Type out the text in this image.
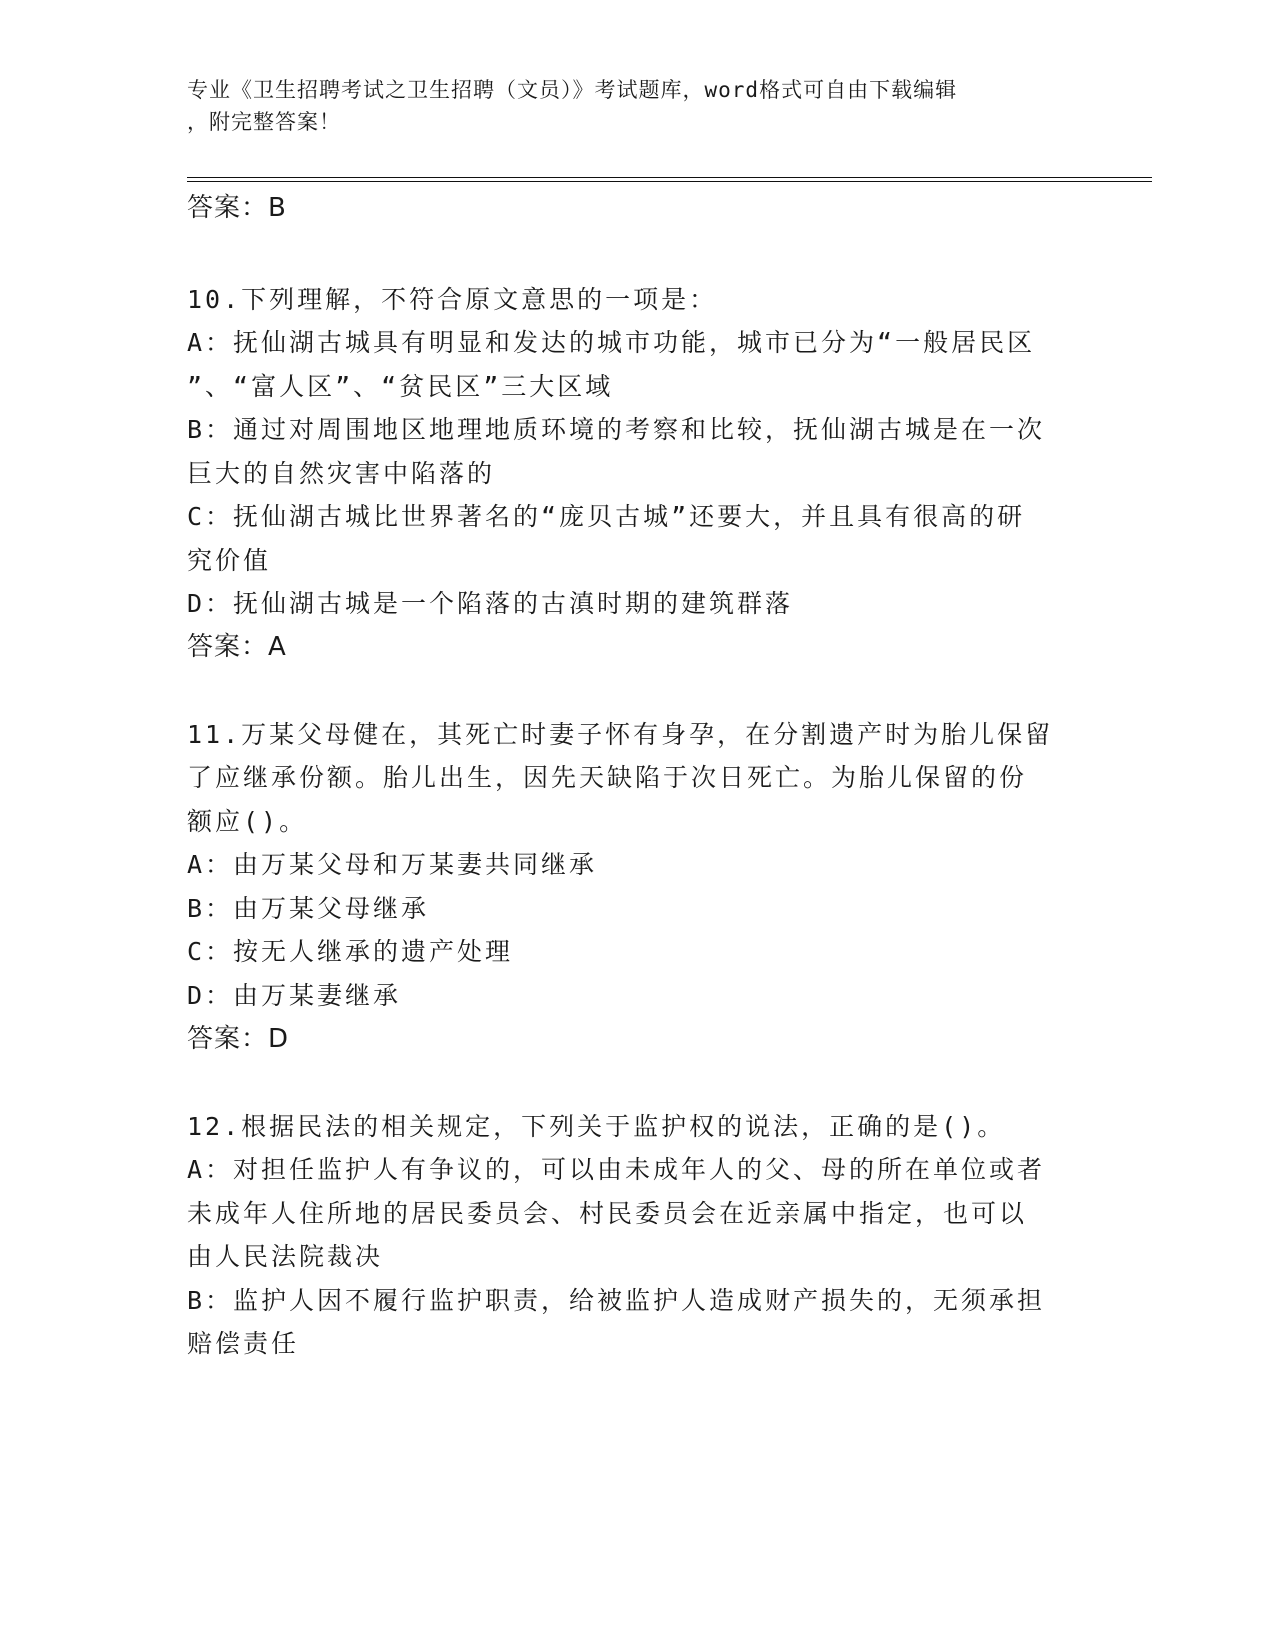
专业《卫生招聘考试之卫生招聘（文员）》考试题库，word格式可自由下载编辑
，附完整答案！
答案：B
10.下列理解，不符合原文意思的一项是：
A：抚仙湖古城具有明显和发达的城市功能，城市已分为“一般居民区
”、“富人区”、“贫民区”三大区域
B：通过对周围地区地理地质环境的考察和比较，抚仙湖古城是在一次
巨大的自然灾害中陷落的
C：抚仙湖古城比世界著名的“庞贝古城”还要大，并且具有很高的研
究价值
D：抚仙湖古城是一个陷落的古滇时期的建筑群落
答案：A
11.万某父母健在，其死亡时妻子怀有身孕，在分割遗产时为胎儿保留
了应继承份额。胎儿出生，因先天缺陷于次日死亡。为胎儿保留的份
额应()。
A：由万某父母和万某妻共同继承
B：由万某父母继承
C：按无人继承的遗产处理
D：由万某妻继承
答案：D
12.根据民法的相关规定，下列关于监护权的说法，正确的是()。
A：对担任监护人有争议的，可以由未成年人的父、母的所在单位或者
未成年人住所地的居民委员会、村民委员会在近亲属中指定，也可以
由人民法院裁决
B：监护人因不履行监护职责，给被监护人造成财产损失的，无须承担
赔偿责任
